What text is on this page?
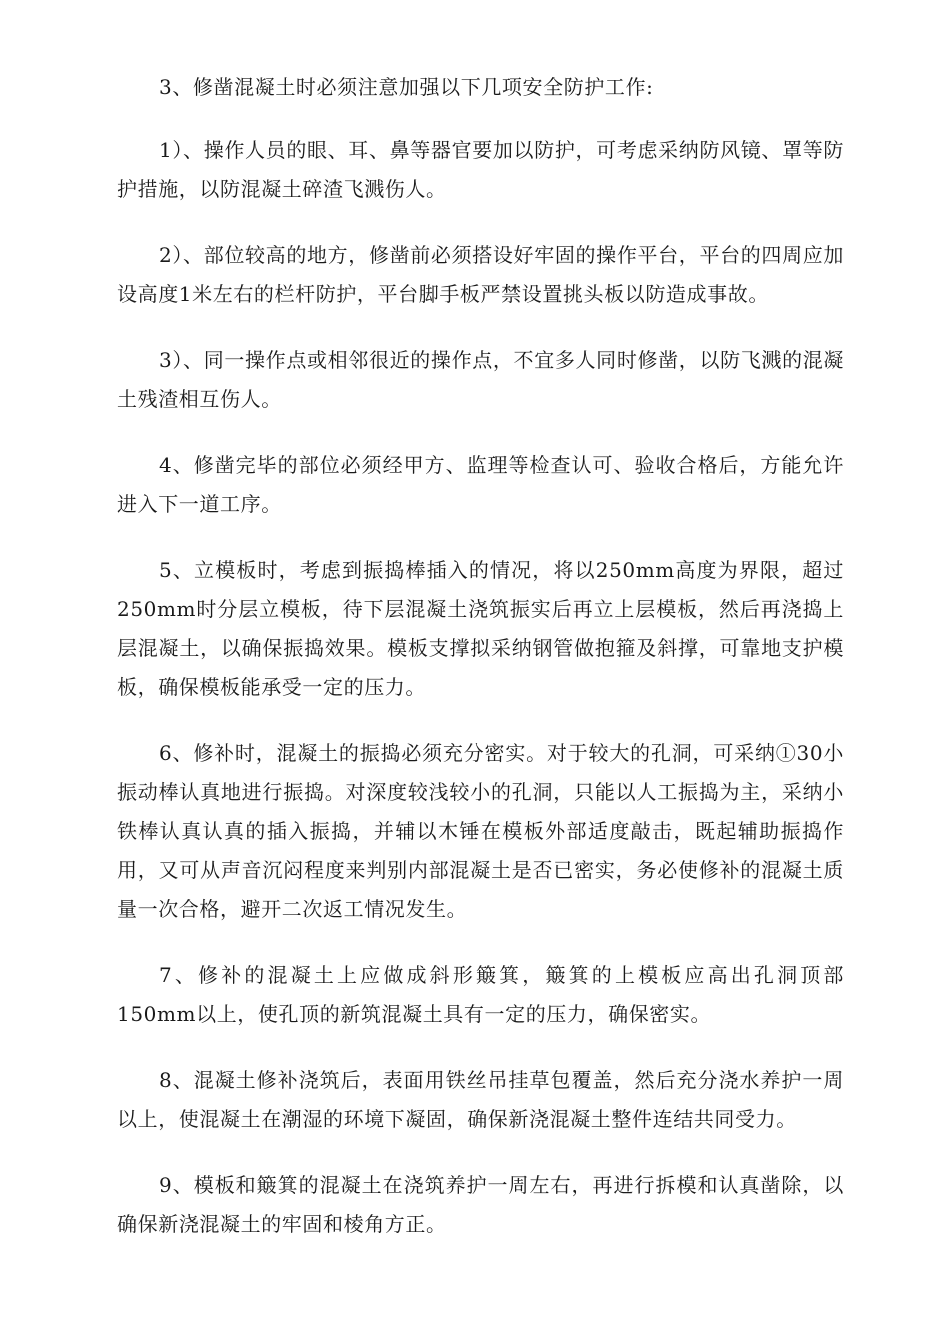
3、修凿混凝土时必须注意加强以下几项安全防护工作:

1）、操作人员的眼、耳、鼻等器官要加以防护，可考虑采纳防风镜、罩等防护措施，以防混凝土碎渣飞溅伤人。

2）、部位较高的地方，修凿前必须搭设好牢固的操作平台，平台的四周应加设高度1米左右的栏杆防护，平台脚手板严禁设置挑头板以防造成事故。

3）、同一操作点或相邻很近的操作点，不宜多人同时修凿，以防飞溅的混凝土残渣相互伤人。

4、修凿完毕的部位必须经甲方、监理等检查认可、验收合格后，方能允许进入下一道工序。

5、立模板时，考虑到振捣棒插入的情况，将以250mm高度为界限，超过250mm时分层立模板，待下层混凝土浇筑振实后再立上层模板，然后再浇捣上层混凝土，以确保振捣效果。模板支撑拟采纳钢管做抱箍及斜撑，可靠地支护模板，确保模板能承受一定的压力。

6、修补时，混凝土的振捣必须充分密实。对于较大的孔洞，可采纳①30小振动棒认真地进行振捣。对深度较浅较小的孔洞，只能以人工振捣为主，采纳小铁棒认真认真的插入振捣，并辅以木锤在模板外部适度敲击，既起辅助振捣作用，又可从声音沉闷程度来判别内部混凝土是否已密实，务必使修补的混凝土质量一次合格，避开二次返工情况发生。

7、修补的混凝土上应做成斜形簸箕，簸箕的上模板应高出孔洞顶部150mm以上，使孔顶的新筑混凝土具有一定的压力，确保密实。

8、混凝土修补浇筑后，表面用铁丝吊挂草包覆盖，然后充分浇水养护一周以上，使混凝土在潮湿的环境下凝固，确保新浇混凝土整件连结共同受力。

9、模板和簸箕的混凝土在浇筑养护一周左右，再进行拆模和认真凿除，以确保新浇混凝土的牢固和棱角方正。
